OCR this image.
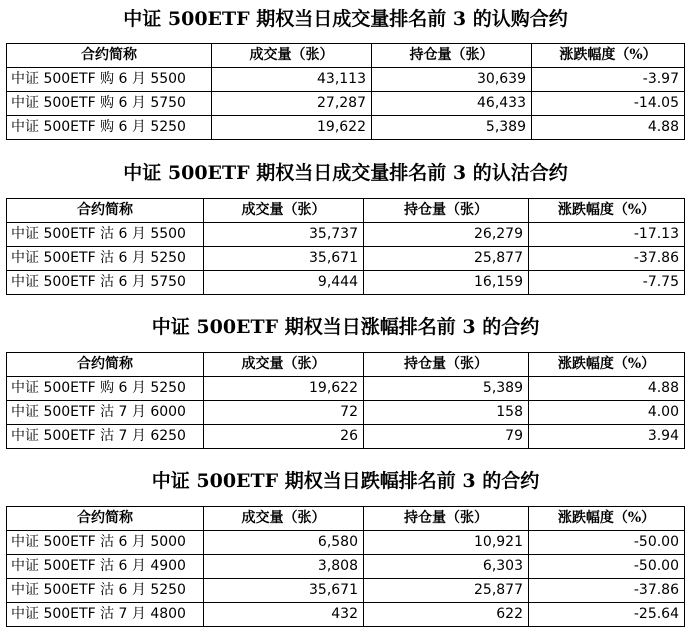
中证 500ETF 期权当日成交量排名前 3 的认购合约
合约简称	成交量（张）	持仓量（张）	涨跌幅度（%）
中证 500ETF 购 6 月 5500	43,113	30,639	-3.97
中证 500ETF 购 6 月 5750	27,287	46,433	-14.05
中证 500ETF 购 6 月 5250	19,622	5,389	4.88
中证 500ETF 期权当日成交量排名前 3 的认沽合约
合约简称	成交量（张）	持仓量（张）	涨跌幅度（%）
中证 500ETF 沽 6 月 5500	35,737	26,279	-17.13
中证 500ETF 沽 6 月 5250	35,671	25,877	-37.86
中证 500ETF 沽 6 月 5750	9,444	16,159	-7.75
中证 500ETF 期权当日涨幅排名前 3 的合约
合约简称	成交量（张）	持仓量（张）	涨跌幅度（%）
中证 500ETF 购 6 月 5250	19,622	5,389	4.88
中证 500ETF 沽 7 月 6000	72	158	4.00
中证 500ETF 沽 7 月 6250	26	79	3.94
中证 500ETF 期权当日跌幅排名前 3 的合约
合约简称	成交量（张）	持仓量（张）	涨跌幅度（%）
中证 500ETF 沽 6 月 5000	6,580	10,921	-50.00
中证 500ETF 沽 6 月 4900	3,808	6,303	-50.00
中证 500ETF 沽 6 月 5250	35,671	25,877	-37.86
中证 500ETF 沽 7 月 4800	432	622	-25.64
